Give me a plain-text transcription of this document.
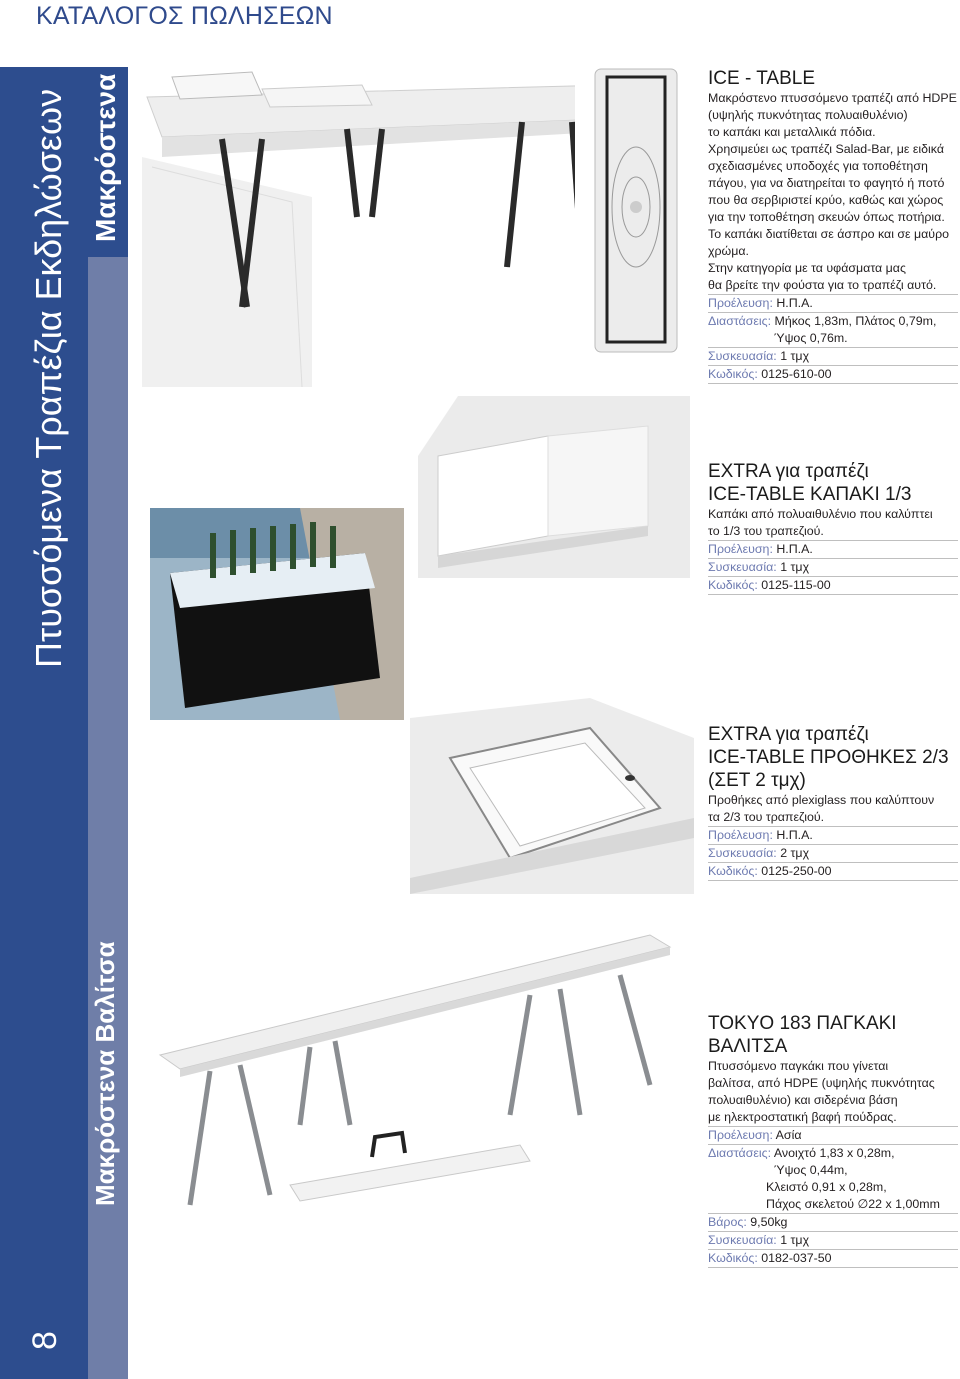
ΚΑΤΑΛΟΓΟΣ ΠΩΛΗΣΕΩΝ
Πτυσσόμενα Τραπέζια Εκδηλώσεων Μακρόστενα
Μακρόστενα Βαλίτσα
8
ICE - TABLE

Μακρόστενο πτυσσόμενο τραπέζι από HDPE

(υψηλής πυκνότητας πολυαιθυλένιο)

το καπάκι και μεταλλικά πόδια.

Χρησιμεύει ως τραπέζι Salad-Bar, με ειδικά

σχεδιασμένες υποδοχές για τοποθέτηση

πάγου, για να διατηρείται το φαγητό ή ποτό

που θα σερβιριστεί κρύο, καθώς και χώρος

για την τοποθέτηση σκευών όπως ποτήρια.

Το καπάκι διατίθεται σε άσπρο και σε μαύρο

χρώμα.

Στην κατηγορία με τα υφάσματα μας

θα βρείτε την φούστα για το τραπέζι αυτό.

Προέλευση: Η.Π.Α.

Διαστάσεις: Μήκος 1,83m, Πλάτος 0,79m,

Ύψος 0,76m.

Συσκευασία: 1 τμχ

Κωδικός: 0125-610-00

EXTRA για τραπέζι
ICE-TABLE ΚΑΠΑΚΙ 1/3

Καπάκι από πολυαιθυλένιο που καλύπτει

το 1/3 του τραπεζιού.

Προέλευση: Η.Π.Α.

Συσκευασία: 1 τμχ

Κωδικός: 0125-115-00

EXTRA για τραπέζι
ICE-TABLE ΠΡΟΘΗΚΕΣ 2/3
(ΣΕΤ 2 τμχ)

Προθήκες από plexiglass που καλύπτουν

τα 2/3 του τραπεζιού.

Προέλευση: Η.Π.Α.

Συσκευασία: 2 τμχ

Κωδικός: 0125-250-00

TOKYO 183 ΠΑΓΚΑΚΙ
ΒΑΛΙΤΣΑ

Πτυσσόμενο παγκάκι που γίνεται

βαλίτσα, από HDPE (υψηλής πυκνότητας

πολυαιθυλένιο) και σιδερένια βάση

με ηλεκτροστατική βαφή πούδρας.

Προέλευση: Ασία

Διαστάσεις: Ανοιχτό 1,83 x 0,28m,

Ύψος 0,44m,

Κλειστό 0,91 x 0,28m,

Πάχος σκελετού ∅22 x 1,00mm

Βάρος: 9,50kg

Συσκευασία: 1 τμχ

Κωδικός: 0182-037-50
